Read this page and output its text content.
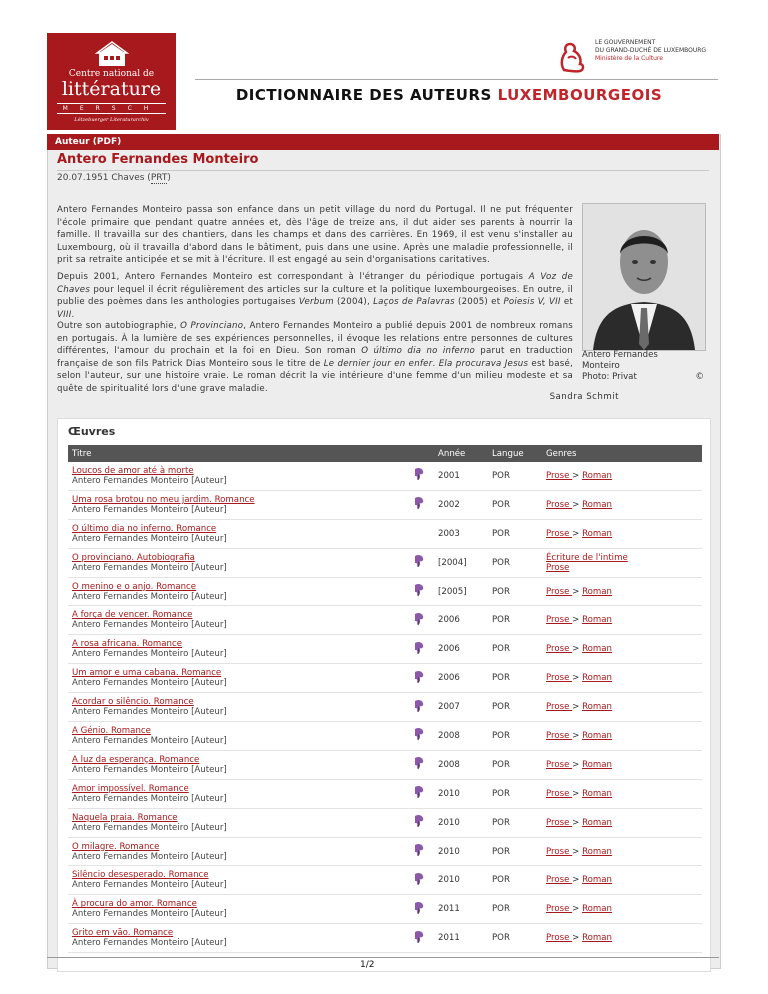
Centre national de
littérature
MERSCH
Lëtzebuerger Literaturarchiv
LE GOUVERNEMENT
DU GRAND-DUCHÉ DE LUXEMBOURG
Ministère de la Culture
DICTIONNAIRE DES AUTEURS LUXEMBOURGEOIS
Auteur (PDF)
Antero Fernandes Monteiro
20.07.1951 Chaves (PRT)

Antero Fernandes Monteiro passa son enfance dans un petit village du nord du Portugal. Il ne put fréquenter l'école primaire que pendant quatre années et, dès l'âge de treize ans, il dut aider ses parents à nourrir la famille. Il travailla sur des chantiers, dans les champs et dans des carrières. En 1969, il est venu s'installer au Luxembourg, où il travailla d'abord dans le bâtiment, puis dans une usine. Après une maladie professionnelle, il prit sa retraite anticipée et se mit à l'écriture. Il est engagé au sein d'organisations caritatives.

Depuis 2001, Antero Fernandes Monteiro est correspondant à l'étranger du périodique portugais A Voz de Chaves pour lequel il écrit régulièrement des articles sur la culture et la politique luxembourgeoises. En outre, il publie des poèmes dans les anthologies portugaises Verbum (2004), Laços de Palavras (2005) et Poiesis V, VII et VIII.

Outre son autobiographie, O Provinciano, Antero Fernandes Monteiro a publié depuis 2001 de nombreux romans en portugais. À la lumière de ses expériences personnelles, il évoque les relations entre personnes de cultures différentes, l'amour du prochain et la foi en Dieu. Son roman O último dia no inferno parut en traduction française de son fils Patrick Dias Monteiro sous le titre de Le dernier jour en enfer. Ela procurava Jesus est basé, selon l'auteur, sur une histoire vraie. Le roman décrit la vie intérieure d'une femme d'un milieu modeste et sa quête de spiritualité lors d'une grave maladie.

Antero Fernandes
Monteiro
Photo: Privat	©
Sandra Schmit
Œuvres
Titre		Année	Langue	Genres
Loucos de amor até à morte
Antero Fernandes Monteiro [Auteur]		2001	POR	Prose > Roman
Uma rosa brotou no meu jardim. Romance
Antero Fernandes Monteiro [Auteur]		2002	POR	Prose > Roman
O último dia no inferno. Romance
Antero Fernandes Monteiro [Auteur]		2003	POR	Prose > Roman
O provinciano. Autobiografia
Antero Fernandes Monteiro [Auteur]		[2004]	POR	Écriture de l'intime
Prose
O menino e o anjo. Romance
Antero Fernandes Monteiro [Auteur]		[2005]	POR	Prose > Roman
A força de vencer. Romance
Antero Fernandes Monteiro [Auteur]		2006	POR	Prose > Roman
A rosa africana. Romance
Antero Fernandes Monteiro [Auteur]		2006	POR	Prose > Roman
Um amor e uma cabana. Romance
Antero Fernandes Monteiro [Auteur]		2006	POR	Prose > Roman
Acordar o silêncio. Romance
Antero Fernandes Monteiro [Auteur]		2007	POR	Prose > Roman
A Génio. Romance
Antero Fernandes Monteiro [Auteur]		2008	POR	Prose > Roman
A luz da esperança. Romance
Antero Fernandes Monteiro [Auteur]		2008	POR	Prose > Roman
Amor impossível. Romance
Antero Fernandes Monteiro [Auteur]		2010	POR	Prose > Roman
Naquela praia. Romance
Antero Fernandes Monteiro [Auteur]		2010	POR	Prose > Roman
O milagre. Romance
Antero Fernandes Monteiro [Auteur]		2010	POR	Prose > Roman
Silêncio desesperado. Romance
Antero Fernandes Monteiro [Auteur]		2010	POR	Prose > Roman
À procura do amor. Romance
Antero Fernandes Monteiro [Auteur]		2011	POR	Prose > Roman
Grito em vão. Romance
Antero Fernandes Monteiro [Auteur]		2011	POR	Prose > Roman
1/2
